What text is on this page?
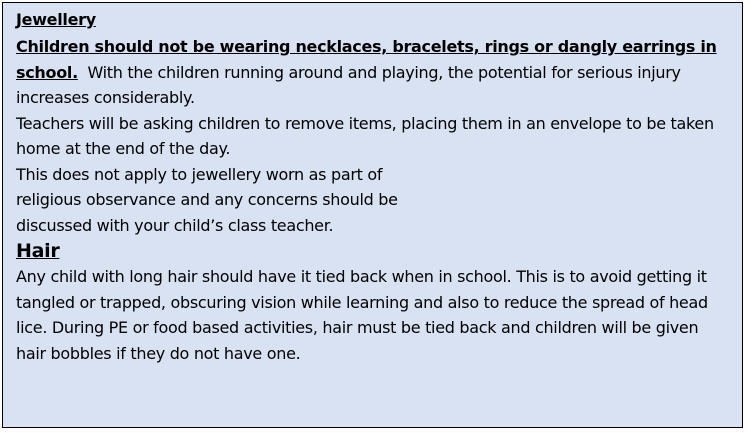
Jewellery

Children should not be wearing necklaces, bracelets, rings or dangly earrings in school. With the children running around and playing, the potential for serious injury increases considerably.

Teachers will be asking children to remove items, placing them in an envelope to be taken home at the end of the day.

This does not apply to jewellery worn as part of
religious observance and any concerns should be
discussed with your child’s class teacher.

Hair

Any child with long hair should have it tied back when in school. This is to avoid getting it tangled or trapped, obscuring vision while learning and also to reduce the spread of head lice. During PE or food based activities, hair must be tied back and children will be given hair bobbles if they do not have one.
